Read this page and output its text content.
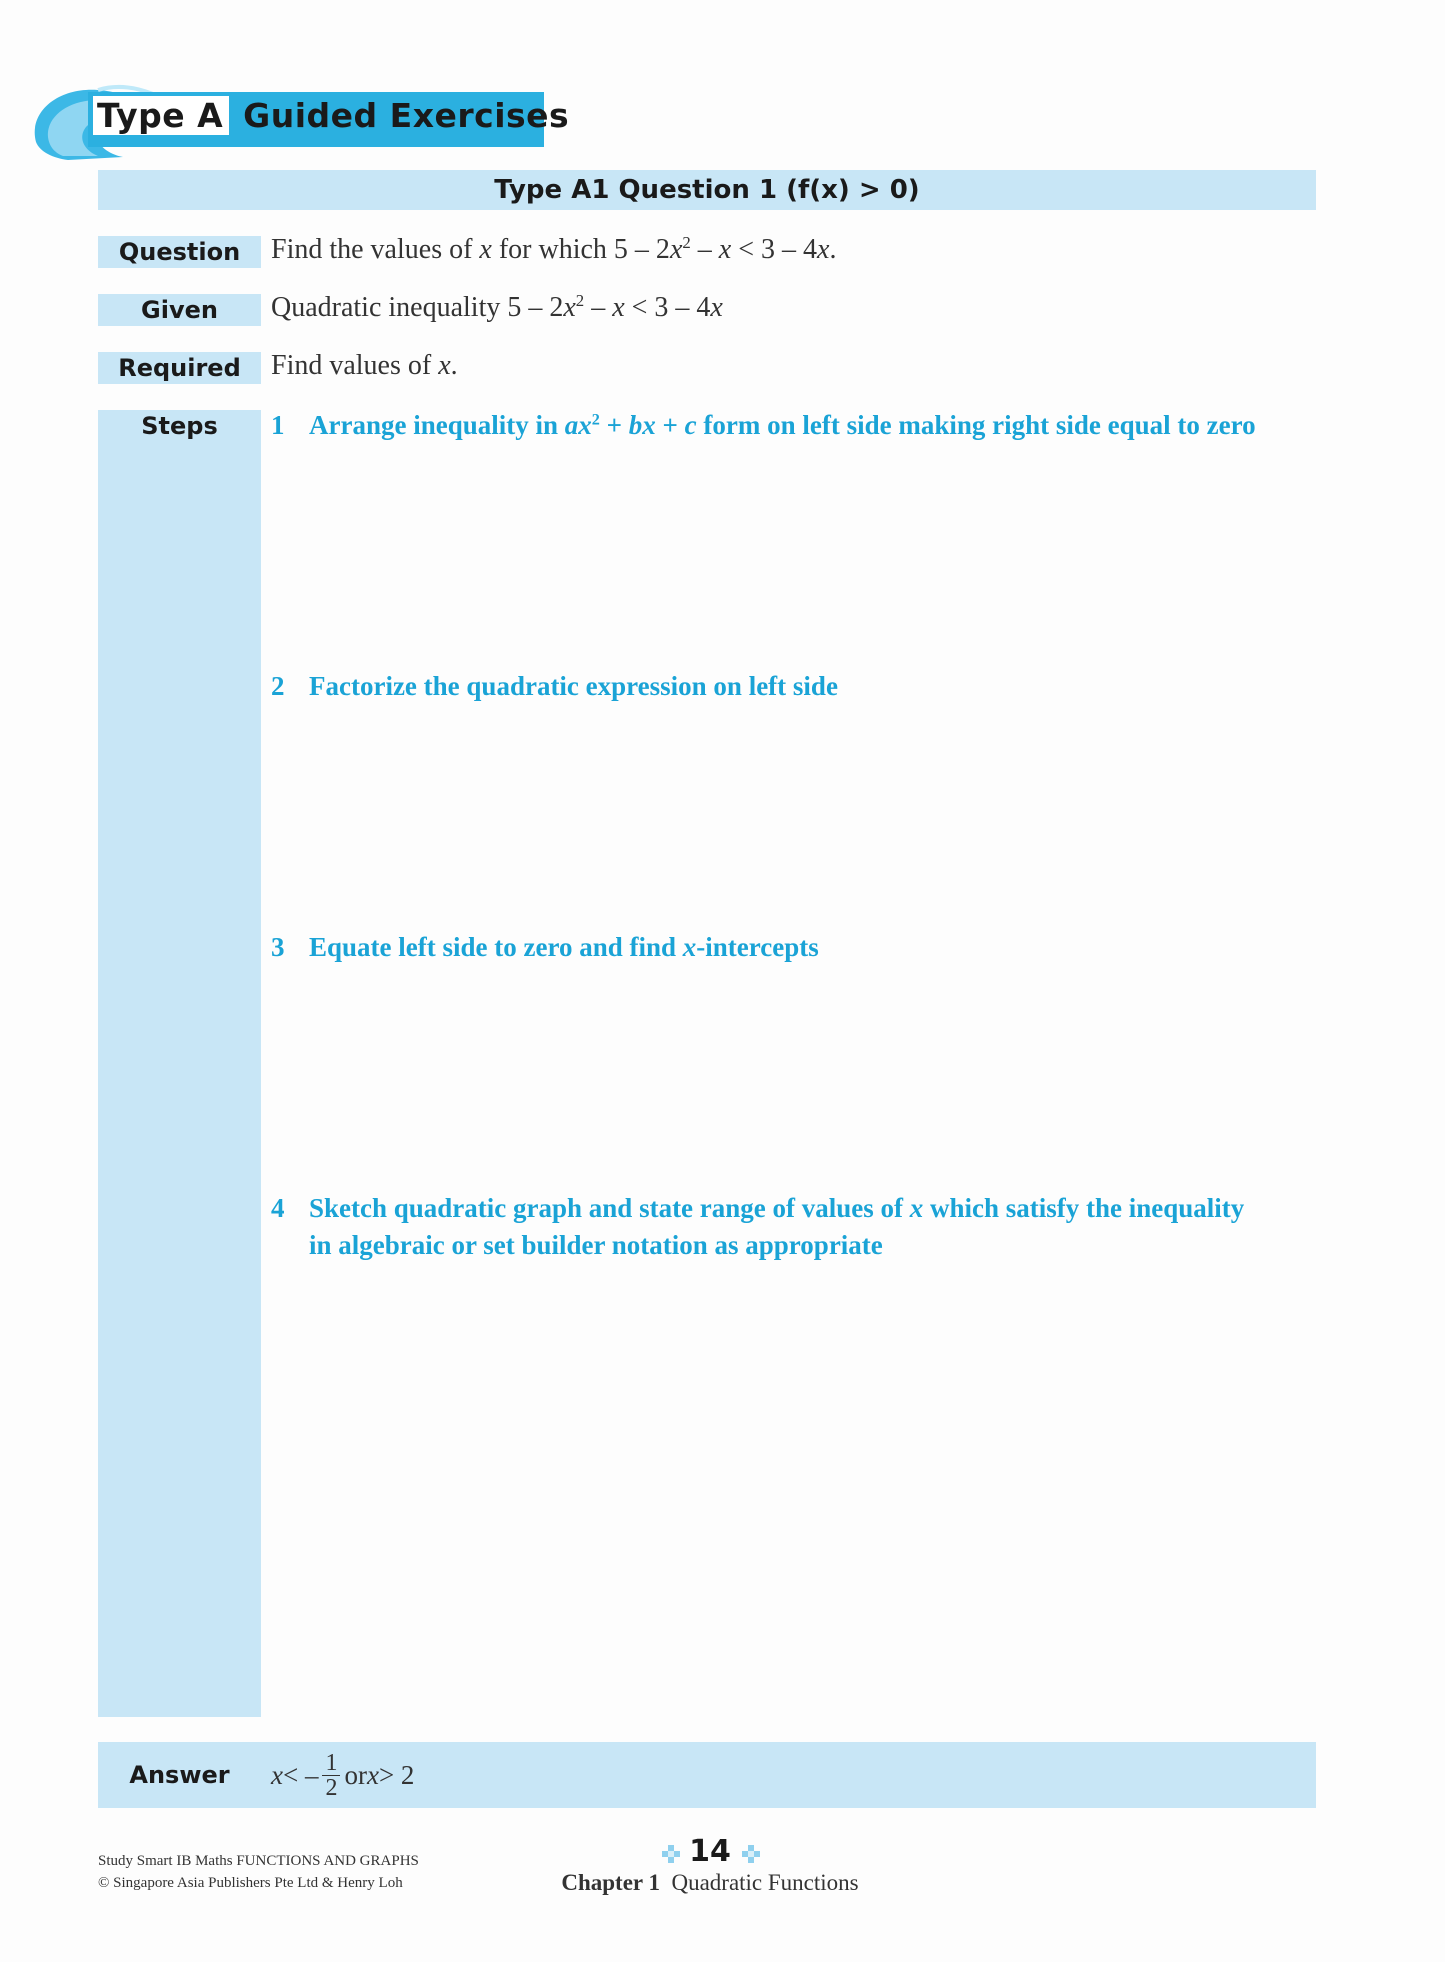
Type A Guided Exercises
Type A1 Question 1 (f(x) > 0)
Question	Find the values of x for which $5 - 2x^2 - x < 3 - 4x$.
Given	Quadratic inequality $5 - 2x^2 - x < 3 - 4x$
Required	Find values of x.
Steps	1 Arrange inequality in $ax^2$ + bx + c form on left side making right side equal to zero
2 Factorize the quadratic expression on left side
3 Equate left side to zero and find x-intercepts
4 Sketch quadratic graph and state range of values of x which satisfy the inequality
in algebraic or set builder notation as appropriate
Answer	x < – $\frac{1}{2}$ or x > 2
Study Smart IB Maths FUNCTIONS AND GRAPHS
© Singapore Asia Publishers Pte Ltd & Henry Loh
14
Chapter 1 Quadratic Functions
